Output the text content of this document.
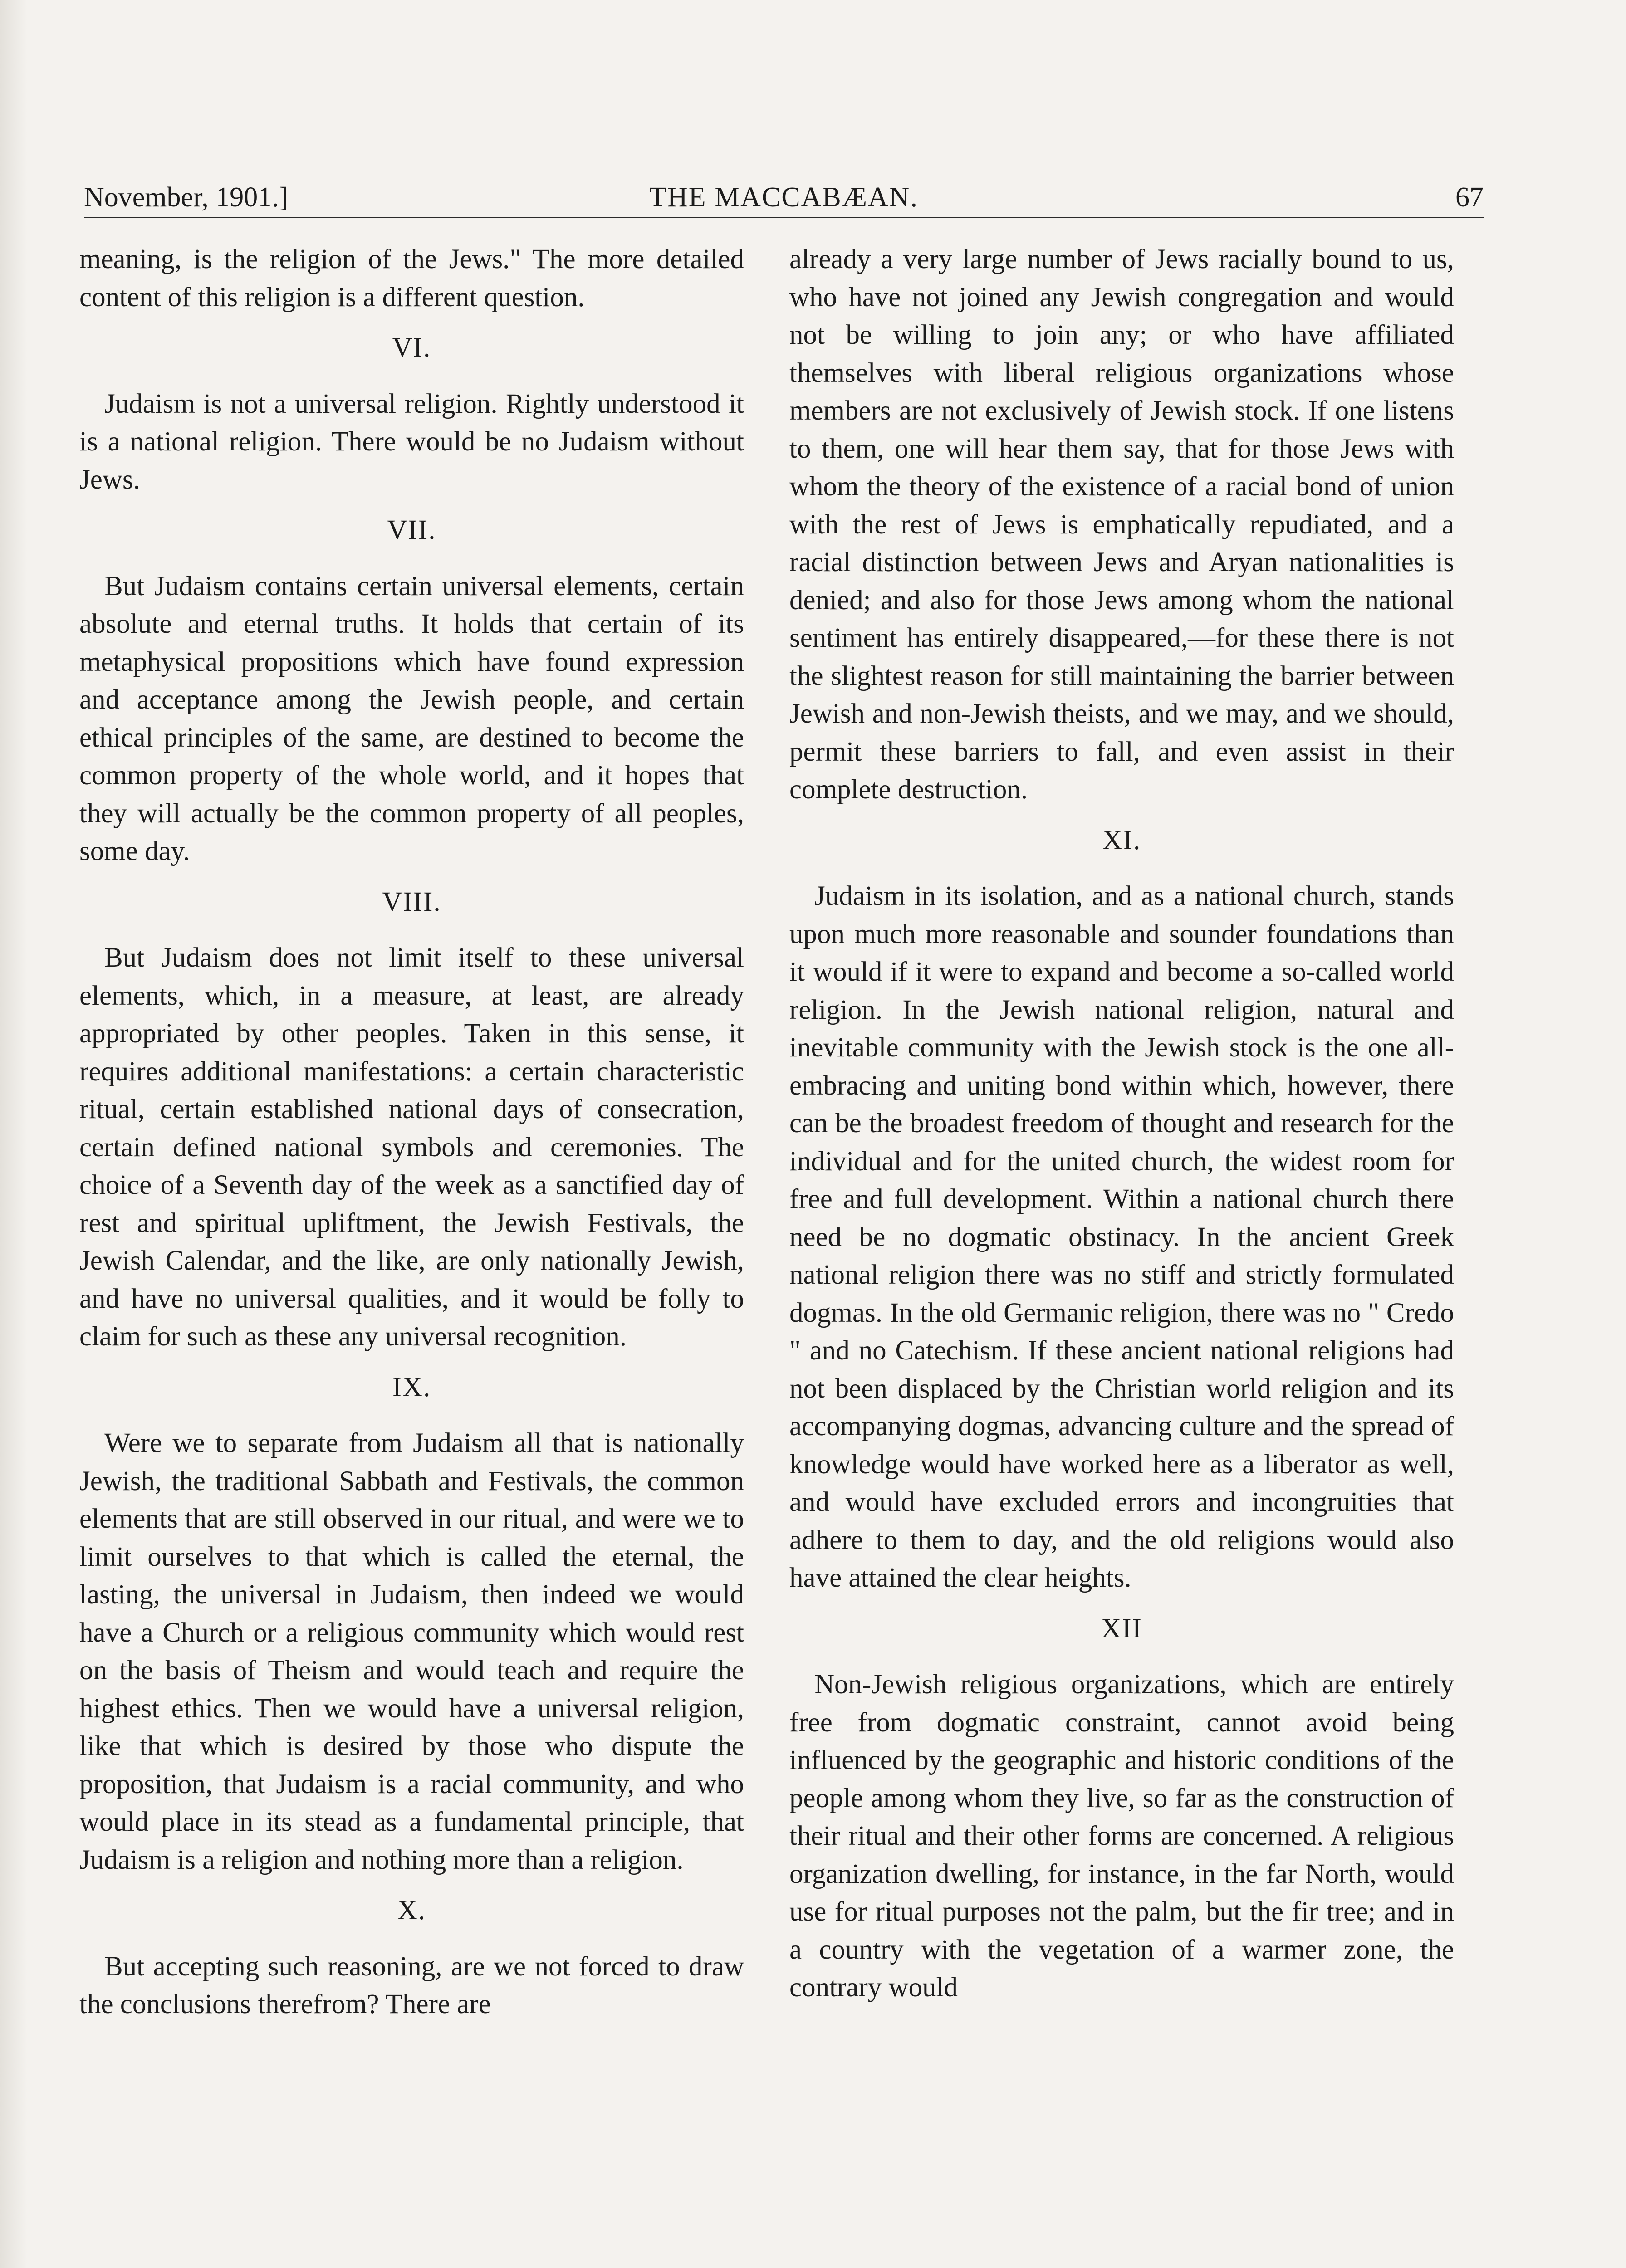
November, 1901.]	THE MACCABÆAN.	67

meaning, is the religion of the Jews." The more detailed content of this religion is a different question.

VI.

Judaism is not a universal religion. Rightly understood it is a national religion. There would be no Judaism without Jews.

VII.

But Judaism contains certain universal elements, certain absolute and eternal truths. It holds that certain of its metaphysical propositions which have found expression and acceptance among the Jewish people, and certain ethical principles of the same, are destined to become the common property of the whole world, and it hopes that they will actually be the common property of all peoples, some day.

VIII.

But Judaism does not limit itself to these universal elements, which, in a measure, at least, are already appropriated by other peoples. Taken in this sense, it requires additional manifestations: a certain characteristic ritual, certain established national days of consecration, certain defined national symbols and ceremonies. The choice of a Seventh day of the week as a sanctified day of rest and spiritual upliftment, the Jewish Festivals, the Jewish Calendar, and the like, are only nationally Jewish, and have no universal qualities, and it would be folly to claim for such as these any universal recognition.

IX.

Were we to separate from Judaism all that is nationally Jewish, the traditional Sabbath and Festivals, the common elements that are still observed in our ritual, and were we to limit ourselves to that which is called the eternal, the lasting, the universal in Judaism, then indeed we would have a Church or a religious community which would rest on the basis of Theism and would teach and require the highest ethics. Then we would have a universal religion, like that which is desired by those who dispute the proposition, that Judaism is a racial community, and who would place in its stead as a fundamental principle, that Judaism is a religion and nothing more than a religion.

X.

But accepting such reasoning, are we not forced to draw the conclusions therefrom? There are

already a very large number of Jews racially bound to us, who have not joined any Jewish congregation and would not be willing to join any; or who have affiliated themselves with liberal religious organizations whose members are not exclusively of Jewish stock. If one listens to them, one will hear them say, that for those Jews with whom the theory of the existence of a racial bond of union with the rest of Jews is emphatically repudiated, and a racial distinction between Jews and Aryan nationalities is denied; and also for those Jews among whom the national sentiment has entirely disappeared,—for these there is not the slightest reason for still maintaining the barrier between Jewish and non-Jewish theists, and we may, and we should, permit these barriers to fall, and even assist in their complete destruction.

XI.

Judaism in its isolation, and as a national church, stands upon much more reasonable and sounder foundations than it would if it were to expand and become a so-called world religion. In the Jewish national religion, natural and inevitable community with the Jewish stock is the one all-embracing and uniting bond within which, however, there can be the broadest freedom of thought and research for the individual and for the united church, the widest room for free and full development. Within a national church there need be no dogmatic obstinacy. In the ancient Greek national religion there was no stiff and strictly formulated dogmas. In the old Germanic religion, there was no " Credo " and no Catechism. If these ancient national religions had not been displaced by the Christian world religion and its accompanying dogmas, advancing culture and the spread of knowledge would have worked here as a liberator as well, and would have excluded errors and incongruities that adhere to them to day, and the old religions would also have attained the clear heights.

XII

Non-Jewish religious organizations, which are entirely free from dogmatic constraint, cannot avoid being influenced by the geographic and historic conditions of the people among whom they live, so far as the construction of their ritual and their other forms are concerned. A religious organization dwelling, for instance, in the far North, would use for ritual purposes not the palm, but the fir tree; and in a country with the vegetation of a warmer zone, the contrary would
